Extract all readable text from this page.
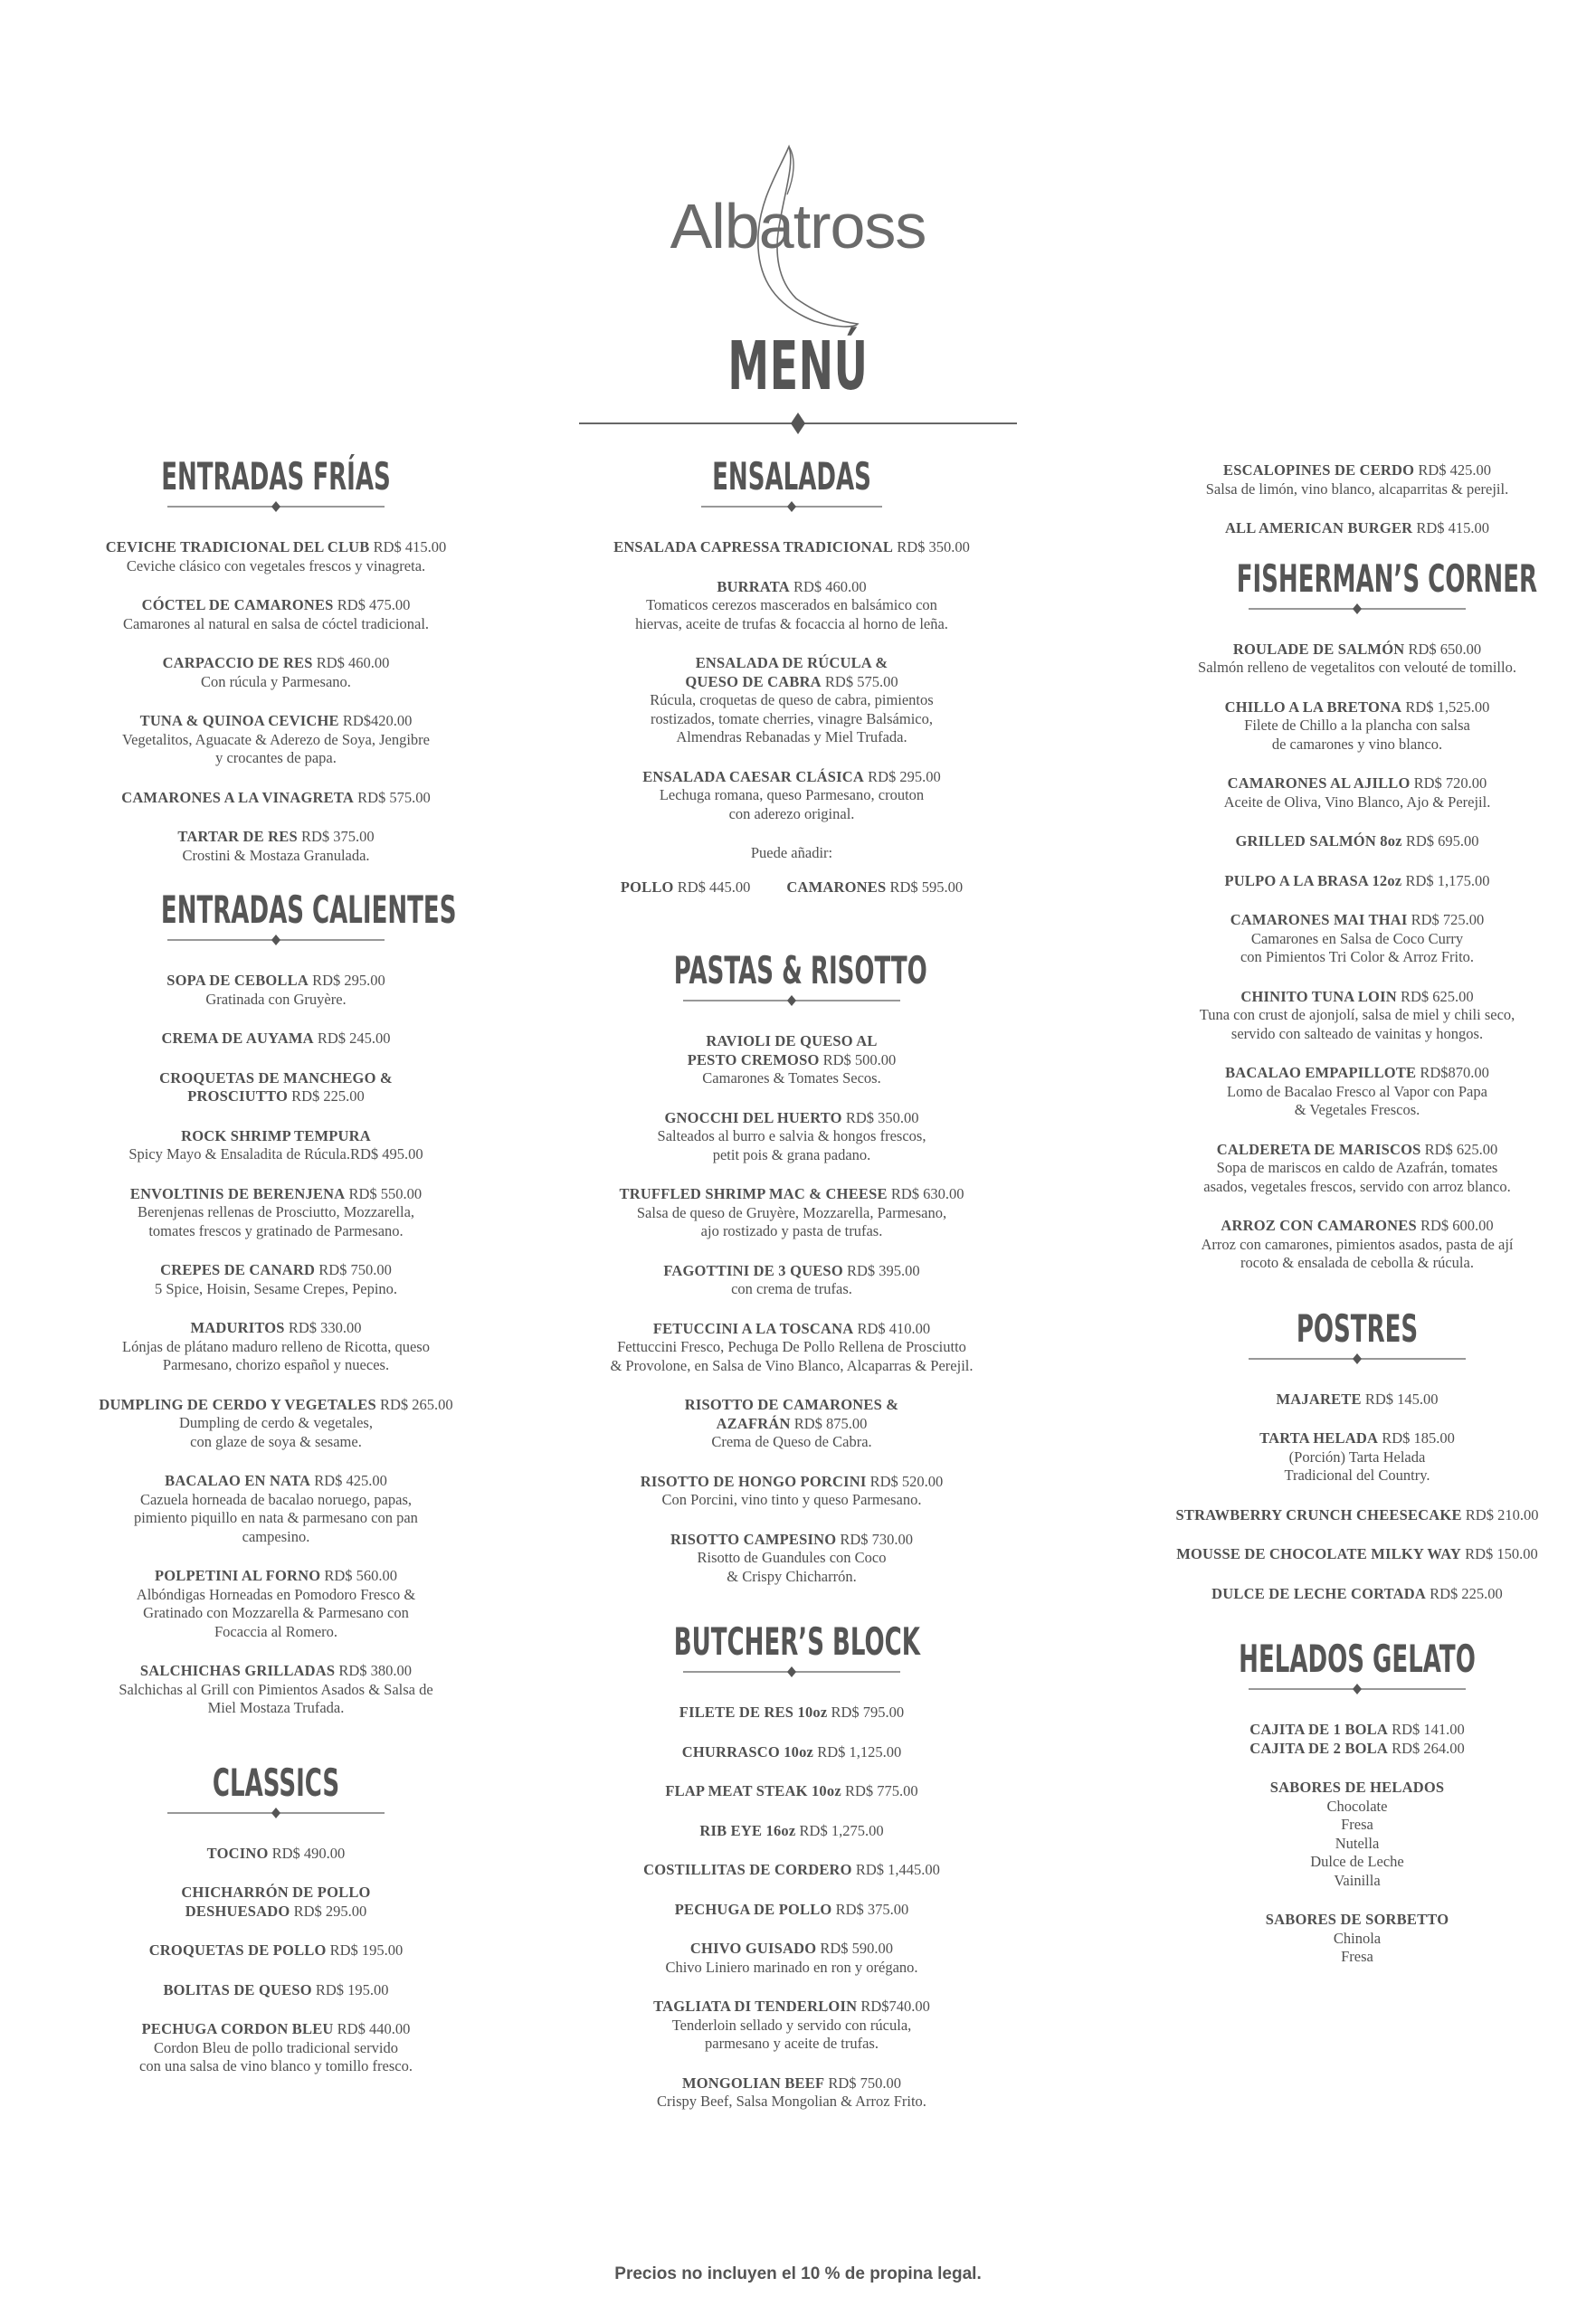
Albatross
MENÚ
ENTRADAS FRÍAS
CEVICHE TRADICIONAL DEL CLUB RD$ 415.00
Ceviche clásico con vegetales frescos y vinagreta.
CÓCTEL DE CAMARONES RD$ 475.00
Camarones al natural en salsa de cóctel tradicional.
CARPACCIO DE RES RD$ 460.00
Con rúcula y Parmesano.
TUNA & QUINOA CEVICHE RD$420.00
Vegetalitos, Aguacate & Aderezo de Soya, Jengibre
y crocantes de papa.
CAMARONES A LA VINAGRETA RD$ 575.00
TARTAR DE RES RD$ 375.00
Crostini & Mostaza Granulada.
ENTRADAS CALIENTES
SOPA DE CEBOLLA RD$ 295.00
Gratinada con Gruyère.
CREMA DE AUYAMA RD$ 245.00
CROQUETAS DE MANCHEGO &
PROSCIUTTO RD$ 225.00
ROCK SHRIMP TEMPURA
Spicy Mayo & Ensaladita de Rúcula.RD$ 495.00
ENVOLTINIS DE BERENJENA RD$ 550.00
Berenjenas rellenas de Prosciutto, Mozzarella,
tomates frescos y gratinado de Parmesano.
CREPES DE CANARD RD$ 750.00
5 Spice, Hoisin, Sesame Crepes, Pepino.
MADURITOS RD$ 330.00
Lónjas de plátano maduro relleno de Ricotta, queso
Parmesano, chorizo español y nueces.
DUMPLING DE CERDO Y VEGETALES RD$ 265.00
Dumpling de cerdo & vegetales,
con glaze de soya & sesame.
BACALAO EN NATA RD$ 425.00
Cazuela horneada de bacalao noruego, papas,
pimiento piquillo en nata & parmesano con pan
campesino.
POLPETINI AL FORNO RD$ 560.00
Albóndigas Horneadas en Pomodoro Fresco &
Gratinado con Mozzarella & Parmesano con
Focaccia al Romero.
SALCHICHAS GRILLADAS RD$ 380.00
Salchichas al Grill con Pimientos Asados & Salsa de
Miel Mostaza Trufada.
CLASSICS
TOCINO RD$ 490.00
CHICHARRÓN DE POLLO
DESHUESADO RD$ 295.00
CROQUETAS DE POLLO RD$ 195.00
BOLITAS DE QUESO RD$ 195.00
PECHUGA CORDON BLEU RD$ 440.00
Cordon Bleu de pollo tradicional servido
con una salsa de vino blanco y tomillo fresco.
ENSALADAS
ENSALADA CAPRESSA TRADICIONAL RD$ 350.00
BURRATA RD$ 460.00
Tomaticos cerezos mascerados en balsámico con
hiervas, aceite de trufas & focaccia al horno de leña.
ENSALADA DE RÚCULA &
QUESO DE CABRA RD$ 575.00
Rúcula, croquetas de queso de cabra, pimientos
rostizados, tomate cherries, vinagre Balsámico,
Almendras Rebanadas y Miel Trufada.
ENSALADA CAESAR CLÁSICA RD$ 295.00
Lechuga romana, queso Parmesano, crouton
con aderezo original.
Puede añadir:
POLLO RD$ 445.00 CAMARONES RD$ 595.00
PASTAS & RISOTTO
RAVIOLI DE QUESO AL
PESTO CREMOSO RD$ 500.00
Camarones & Tomates Secos.
GNOCCHI DEL HUERTO RD$ 350.00
Salteados al burro e salvia & hongos frescos,
petit pois & grana padano.
TRUFFLED SHRIMP MAC & CHEESE RD$ 630.00
Salsa de queso de Gruyère, Mozzarella, Parmesano,
ajo rostizado y pasta de trufas.
FAGOTTINI DE 3 QUESO RD$ 395.00
con crema de trufas.
FETUCCINI A LA TOSCANA RD$ 410.00
Fettuccini Fresco, Pechuga De Pollo Rellena de Prosciutto
& Provolone, en Salsa de Vino Blanco, Alcaparras & Perejil.
RISOTTO DE CAMARONES &
AZAFRÁN RD$ 875.00
Crema de Queso de Cabra.
RISOTTO DE HONGO PORCINI RD$ 520.00
Con Porcini, vino tinto y queso Parmesano.
RISOTTO CAMPESINO RD$ 730.00
Risotto de Guandules con Coco
& Crispy Chicharrón.
BUTCHER’S BLOCK
FILETE DE RES 10oz RD$ 795.00
CHURRASCO 10oz RD$ 1,125.00
FLAP MEAT STEAK 10oz RD$ 775.00
RIB EYE 16oz RD$ 1,275.00
COSTILLITAS DE CORDERO RD$ 1,445.00
PECHUGA DE POLLO RD$ 375.00
CHIVO GUISADO RD$ 590.00
Chivo Liniero marinado en ron y orégano.
TAGLIATA DI TENDERLOIN RD$740.00
Tenderloin sellado y servido con rúcula,
parmesano y aceite de trufas.
MONGOLIAN BEEF RD$ 750.00
Crispy Beef, Salsa Mongolian & Arroz Frito.
ESCALOPINES DE CERDO RD$ 425.00
Salsa de limón, vino blanco, alcaparritas & perejil.
ALL AMERICAN BURGER RD$ 415.00
FISHERMAN’S CORNER
ROULADE DE SALMÓN RD$ 650.00
Salmón relleno de vegetalitos con velouté de tomillo.
CHILLO A LA BRETONA RD$ 1,525.00
Filete de Chillo a la plancha con salsa
de camarones y vino blanco.
CAMARONES AL AJILLO RD$ 720.00
Aceite de Oliva, Vino Blanco, Ajo & Perejil.
GRILLED SALMÓN 8oz RD$ 695.00
PULPO A LA BRASA 12oz RD$ 1,175.00
CAMARONES MAI THAI RD$ 725.00
Camarones en Salsa de Coco Curry
con Pimientos Tri Color & Arroz Frito.
CHINITO TUNA LOIN RD$ 625.00
Tuna con crust de ajonjolí, salsa de miel y chili seco,
servido con salteado de vainitas y hongos.
BACALAO EMPAPILLOTE RD$870.00
Lomo de Bacalao Fresco al Vapor con Papa
& Vegetales Frescos.
CALDERETA DE MARISCOS RD$ 625.00
Sopa de mariscos en caldo de Azafrán, tomates
asados, vegetales frescos, servido con arroz blanco.
ARROZ CON CAMARONES RD$ 600.00
Arroz con camarones, pimientos asados, pasta de ají
rocoto & ensalada de cebolla & rúcula.
POSTRES
MAJARETE RD$ 145.00
TARTA HELADA RD$ 185.00
(Porción) Tarta Helada
Tradicional del Country.
STRAWBERRY CRUNCH CHEESECAKE RD$ 210.00
MOUSSE DE CHOCOLATE MILKY WAY RD$ 150.00
DULCE DE LECHE CORTADA RD$ 225.00
HELADOS GELATO
CAJITA DE 1 BOLA RD$ 141.00
CAJITA DE 2 BOLA RD$ 264.00
SABORES DE HELADOS
Chocolate
Fresa
Nutella
Dulce de Leche
Vainilla
SABORES DE SORBETTO
Chinola
Fresa
Precios no incluyen el 10 % de propina legal.
